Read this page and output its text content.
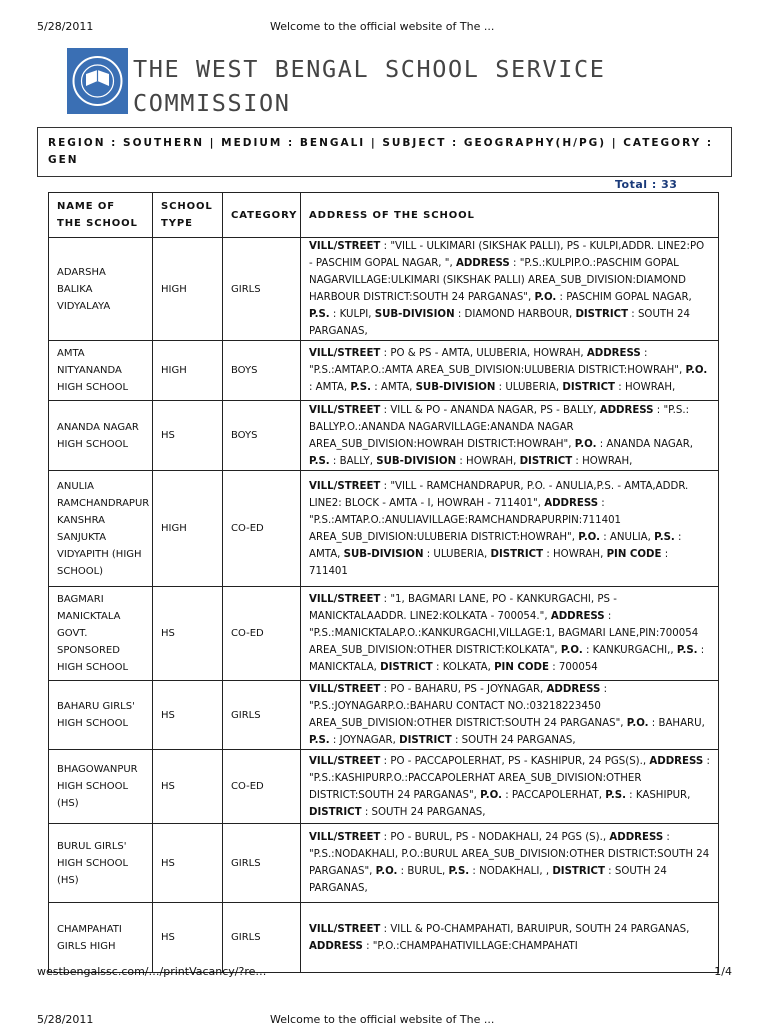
5/28/2011	Welcome to the official website of The ...
THE WEST BENGAL SCHOOL SERVICE COMMISSION
REGION : SOUTHERN | MEDIUM : BENGALI | SUBJECT : GEOGRAPHY(H/PG) | CATEGORY : GEN
Total : 33
NAME OF THE SCHOOL	SCHOOL TYPE	CATEGORY	ADDRESS OF THE SCHOOL
ADARSHA BALIKA VIDYALAYA	HIGH	GIRLS	VILL/STREET : "VILL - ULKIMARI (SIKSHAK PALLI), PS - KULPI,ADDR. LINE2:PO - PASCHIM GOPAL NAGAR, ", ADDRESS : "P.S.:KULPIP.O.:PASCHIM GOPAL NAGARVILLAGE:ULKIMARI (SIKSHAK PALLI) AREA_SUB_DIVISION:DIAMOND HARBOUR DISTRICT:SOUTH 24 PARGANAS", P.O. : PASCHIM GOPAL NAGAR, P.S. : KULPI, SUB-DIVISION : DIAMOND HARBOUR, DISTRICT : SOUTH 24 PARGANAS,
AMTA NITYANANDA HIGH SCHOOL	HIGH	BOYS	VILL/STREET : PO & PS - AMTA, ULUBERIA, HOWRAH, ADDRESS : "P.S.:AMTAP.O.:AMTA AREA_SUB_DIVISION:ULUBERIA DISTRICT:HOWRAH", P.O. : AMTA, P.S. : AMTA, SUB-DIVISION : ULUBERIA, DISTRICT : HOWRAH,
ANANDA NAGAR HIGH SCHOOL	HS	BOYS	VILL/STREET : VILL & PO - ANANDA NAGAR, PS - BALLY, ADDRESS : "P.S.: BALLYP.O.:ANANDA NAGARVILLAGE:ANANDA NAGAR AREA_SUB_DIVISION:HOWRAH DISTRICT:HOWRAH", P.O. : ANANDA NAGAR, P.S. : BALLY, SUB-DIVISION : HOWRAH, DISTRICT : HOWRAH,
ANULIA RAMCHANDRAPUR KANSHRA SANJUKTA VIDYAPITH (HIGH SCHOOL)	HIGH	CO-ED	VILL/STREET : "VILL - RAMCHANDRAPUR, P.O. - ANULIA,P.S. - AMTA,ADDR. LINE2: BLOCK - AMTA - I, HOWRAH - 711401", ADDRESS : "P.S.:AMTAP.O.:ANULIAVILLAGE:RAMCHANDRAPURPIN:711401 AREA_SUB_DIVISION:ULUBERIA DISTRICT:HOWRAH", P.O. : ANULIA, P.S. : AMTA, SUB-DIVISION : ULUBERIA, DISTRICT : HOWRAH, PIN CODE : 711401
BAGMARI MANICKTALA GOVT. SPONSORED HIGH SCHOOL	HS	CO-ED	VILL/STREET : "1, BAGMARI LANE, PO - KANKURGACHI, PS - MANICKTALAADDR. LINE2:KOLKATA - 700054.", ADDRESS : "P.S.:MANICKTALAP.O.:KANKURGACHI,VILLAGE:1, BAGMARI LANE,PIN:700054 AREA_SUB_DIVISION:OTHER DISTRICT:KOLKATA", P.O. : KANKURGACHI,, P.S. : MANICKTALA, DISTRICT : KOLKATA, PIN CODE : 700054
BAHARU GIRLS' HIGH SCHOOL	HS	GIRLS	VILL/STREET : PO - BAHARU, PS - JOYNAGAR, ADDRESS : "P.S.:JOYNAGARP.O.:BAHARU CONTACT NO.:03218223450 AREA_SUB_DIVISION:OTHER DISTRICT:SOUTH 24 PARGANAS", P.O. : BAHARU, P.S. : JOYNAGAR, DISTRICT : SOUTH 24 PARGANAS,
BHAGOWANPUR HIGH SCHOOL (HS)	HS	CO-ED	VILL/STREET : PO - PACCAPOLERHAT, PS - KASHIPUR, 24 PGS(S)., ADDRESS : "P.S.:KASHIPURP.O.:PACCAPOLERHAT AREA_SUB_DIVISION:OTHER DISTRICT:SOUTH 24 PARGANAS", P.O. : PACCAPOLERHAT, P.S. : KASHIPUR, DISTRICT : SOUTH 24 PARGANAS,
BURUL GIRLS' HIGH SCHOOL (HS)	HS	GIRLS	VILL/STREET : PO - BURUL, PS - NODAKHALI, 24 PGS (S)., ADDRESS : "P.S.:NODAKHALI, P.O.:BURUL AREA_SUB_DIVISION:OTHER DISTRICT:SOUTH 24 PARGANAS", P.O. : BURUL, P.S. : NODAKHALI, , DISTRICT : SOUTH 24 PARGANAS,
CHAMPAHATI GIRLS HIGH	HS	GIRLS	VILL/STREET : VILL & PO-CHAMPAHATI, BARUIPUR, SOUTH 24 PARGANAS, ADDRESS : "P.O.:CHAMPAHATIVILLAGE:CHAMPAHATI
westbengalssc.com/…/printVacancy/?re…	1/4
5/28/2011	Welcome to the official website of The ...
